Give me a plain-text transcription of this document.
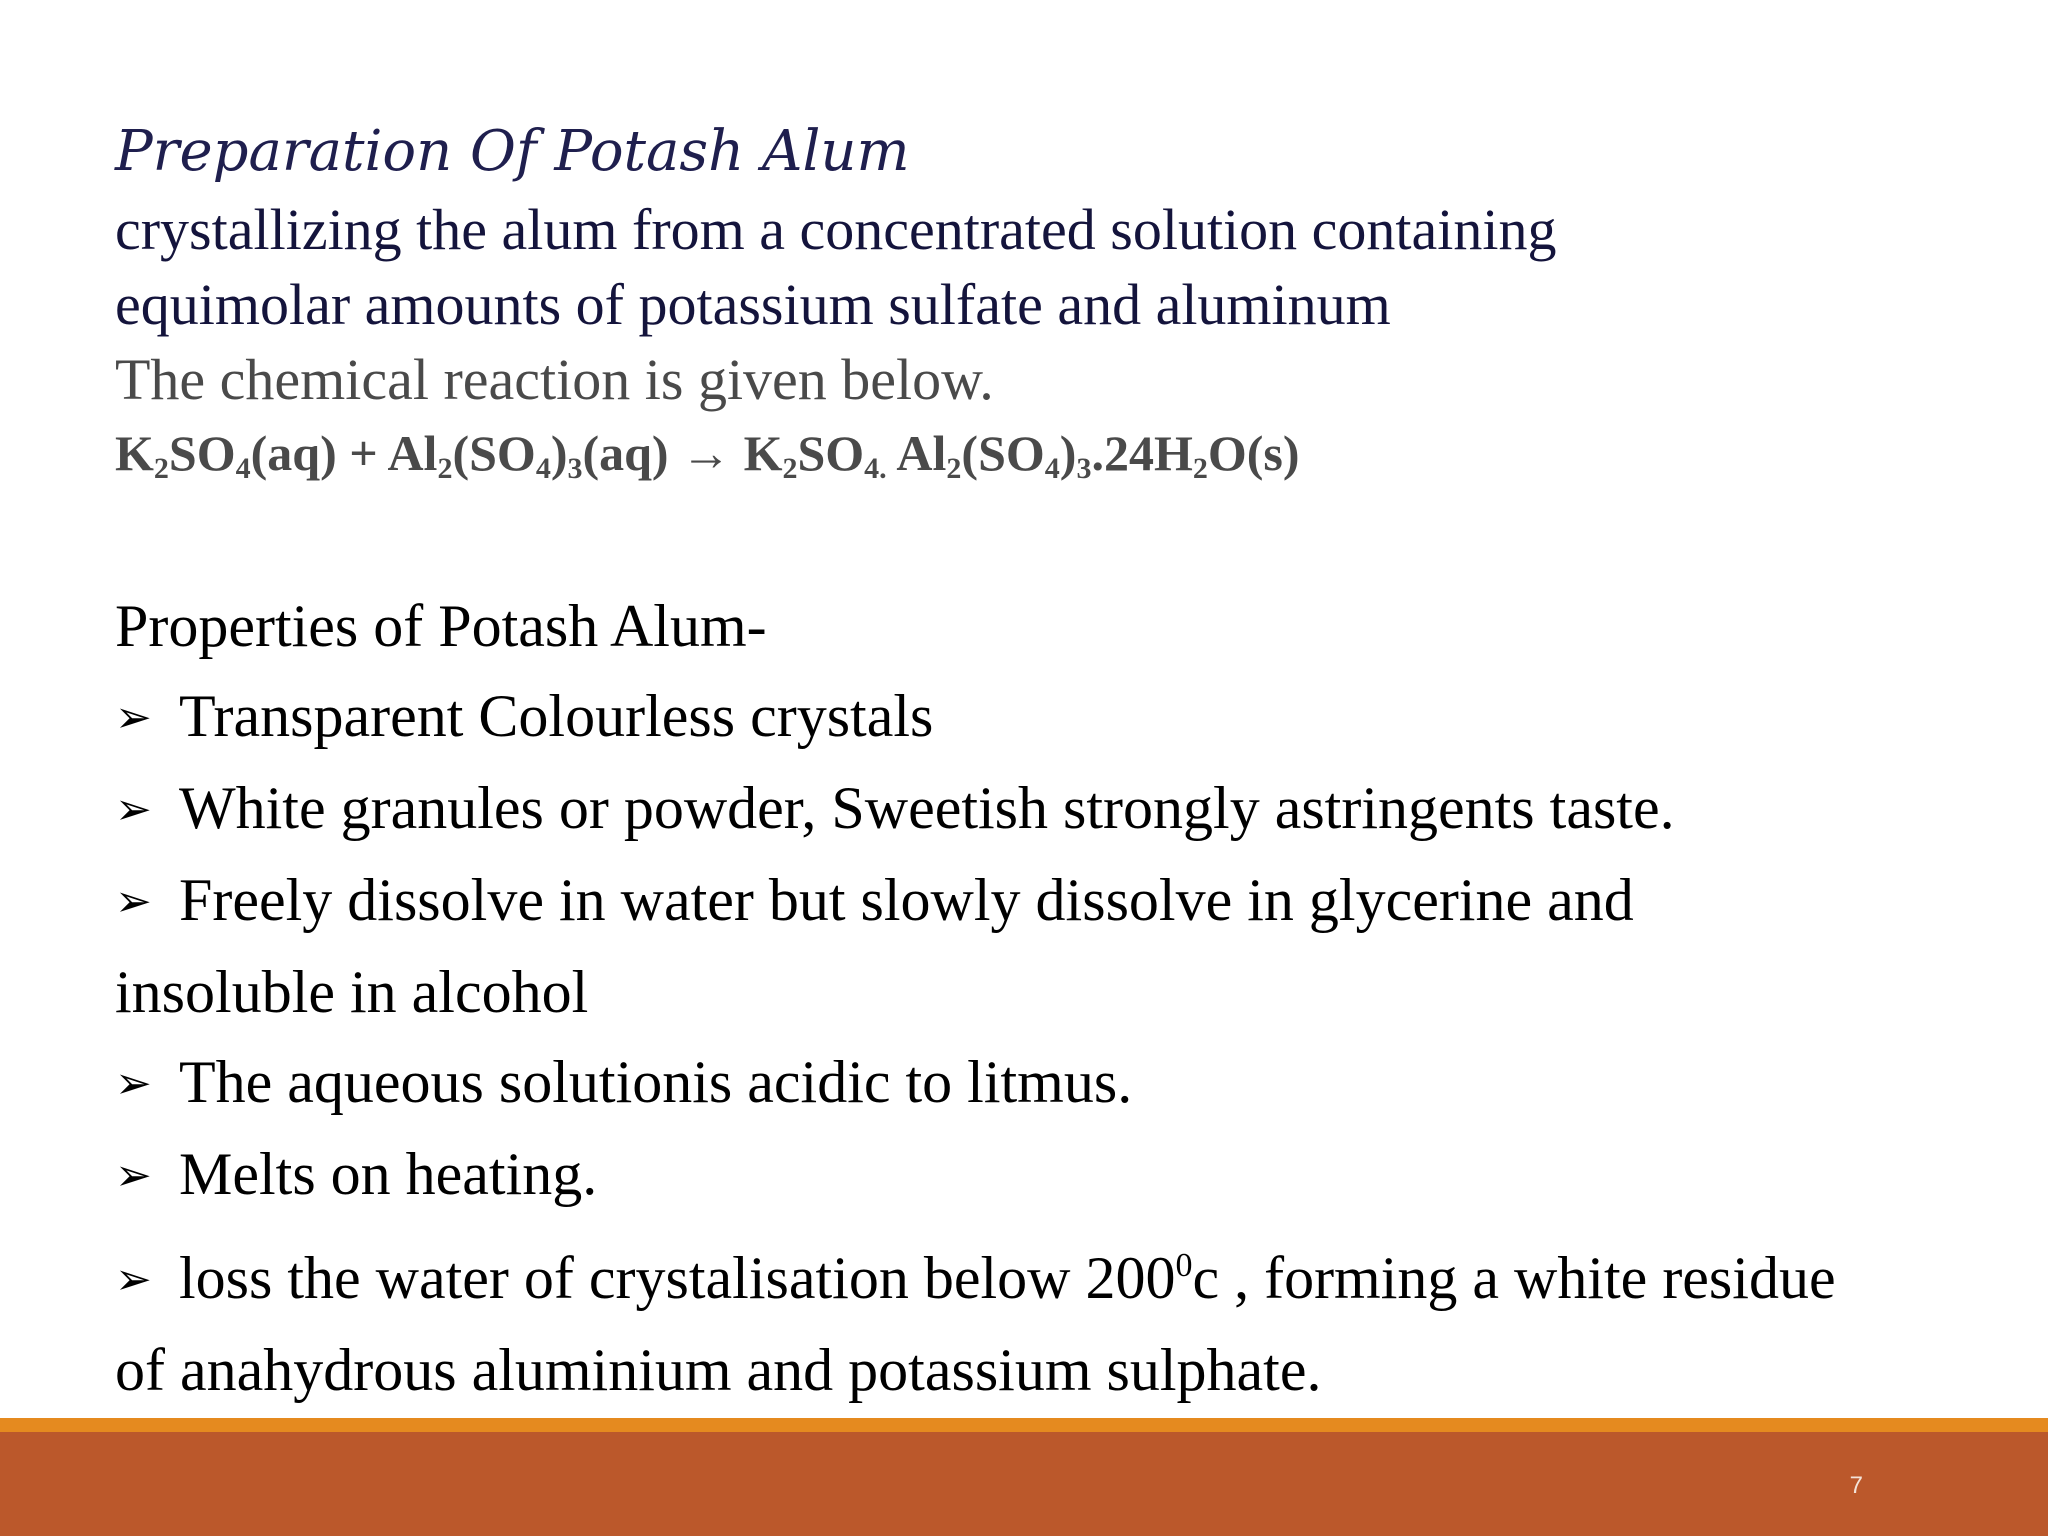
Preparation Of Potash Alum
crystallizing the alum from a concentrated solution containing
equimolar amounts of potassium sulfate and aluminum
The chemical reaction is given below.
$K_2SO_4(aq) + Al_2(SO_4)_3(aq) \to K_2SO_{4.}$ $Al_2(SO_4)_3.24H_2O(s)$
Properties of Potash Alum-
➢ Transparent Colourless crystals
➢ White granules or powder, Sweetish strongly astringents taste.
➢ Freely dissolve in water but slowly dissolve in glycerine and
insoluble in alcohol
➢ The aqueous solutionis acidic to litmus.
➢ Melts on heating.
➢ loss the water of crystalisation below $200^0c$ , forming a white residue
of anahydrous aluminium and potassium sulphate.
7
